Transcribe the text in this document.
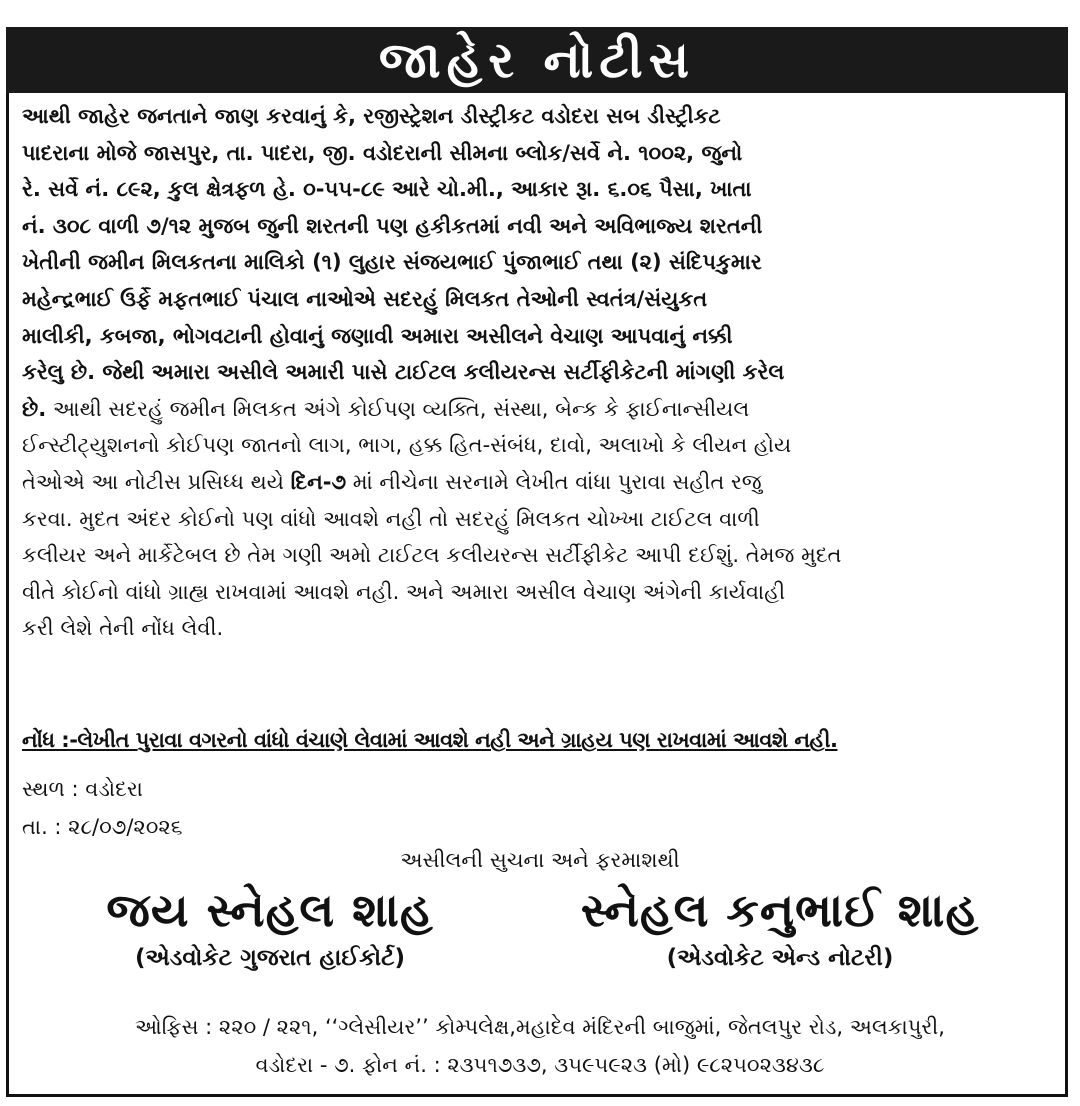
જાહેર નોટીસ
આથી જાહેર જનતાને જાણ કરવાનું કે, રજીસ્ટ્રેશન ડીસ્ટ્રીકટ વડોદરા સબ ડીસ્ટ્રીકટ
પાદરાના મોજે જાસપુર, તા. પાદરા, જી. વડોદરાની સીમના બ્લોક/સર્વે ને. ૧૦૦૨, જુનો
રે. સર્વે નં. ૮૯૨, કુલ ક્ષેત્રફળ હે. ૦-૫૫-૮૯ આરે ચો.મી., આકાર રૂા. ૬.૦૬ પૈસા, ખાતા
નં. ૩૦૮ વાળી ૭/૧૨ મુજબ જુની શરતની પણ હકીકતમાં નવી અને અવિભાજ્ય શરતની
ખેતીની જમીન મિલકતના માલિકો (૧) લુહાર સંજયભાઈ પુંજાભાઈ તથા (૨) સંદિપકુમાર
મહેન્દ્રભાઈ ઉર્ફે મફતભાઈ પંચાલ નાઓએ સદરહું મિલકત તેઓની સ્વતંત્ર/સંયુકત
માલીકી, કબજા, ભોગવટાની હોવાનું જણાવી અમારા અસીલને વેચાણ આપવાનું નક્કી
કરેલુ છે. જેથી અમારા અસીલે અમારી પાસે ટાઈટલ કલીયરન્સ સર્ટીફીકેટની માંગણી કરેલ
છે. આથી સદરહું જમીન મિલકત અંગે કોઈપણ વ્યક્તિ, સંસ્થા, બેન્ક કે ફાઈનાન્સીયલ
ઈન્સ્ટીટ્યુશનનો કોઈપણ જાતનો લાગ, ભાગ, હક્ક હિત-સંબંધ, દાવો, અલાખો કે લીયન હોય
તેઓએ આ નોટીસ પ્રસિધ્ધ થયે દિન-૭ માં નીચેના સરનામે લેખીત વાંધા પુરાવા સહીત રજુ
કરવા. મુદત અંદર કોઈનો પણ વાંધો આવશે નહી તો સદરહું મિલકત ચોખ્ખા ટાઈટલ વાળી
કલીયર અને માર્કેટેબલ છે તેમ ગણી અમો ટાઈટલ કલીયરન્સ સર્ટીફીકેટ આપી દઈશું. તેમજ મુદત
વીતે કોઈનો વાંધો ગ્રાહ્ય રાખવામાં આવશે નહી. અને અમારા અસીલ વેચાણ અંગેની કાર્યવાહી
કરી લેશે તેની નોંધ લેવી.
નોંધ :-લેખીત પુરાવા વગરનો વાંધો વંચાણે લેવામાં આવશે નહી અને ગ્રાહય પણ રાખવામાં આવશે નહી.
સ્થળ : વડોદરા
તા. : ૨૮/૦૭/૨૦૨૬
અસીલની સુચના અને ફરમાશથી
જય સ્નેહલ શાહ
(એડવોકેટ ગુજરાત હાઈકોર્ટ)
સ્નેહલ કનુભાઈ શાહ
(એડવોકેટ એન્ડ નોટરી)
ઓફિસ : ૨૨૦ / ૨૨૧, ‘‘ગ્લેસીયર’’ કોમ્પલેક્ષ,મહાદેવ મંદિરની બાજુમાં, જેતલપુર રોડ, અલકાપુરી,
વડોદરા - ૭. ફોન નં. : ૨૩૫૧૭૩૭, ૩૫૯૫૯૨૩ (મો) ૯૮૨૫૦૨૩૪૩૮
